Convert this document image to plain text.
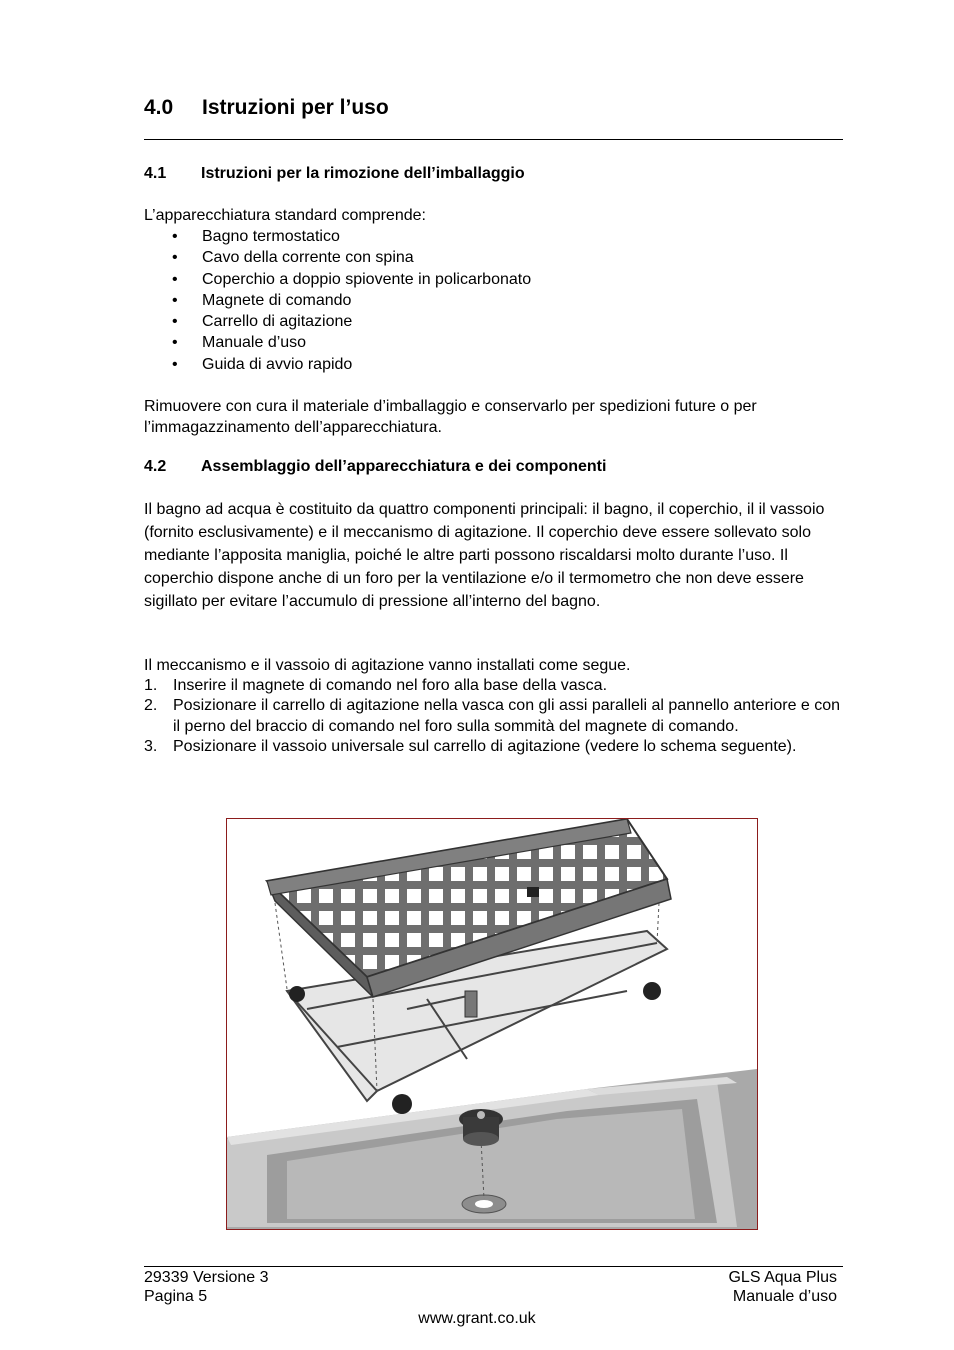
4.0 Istruzioni per l’uso
4.1 Istruzioni per la rimozione dell’imballaggio

L’apparecchiatura standard comprende:

• Bagno termostatico
• Cavo della corrente con spina
• Coperchio a doppio spiovente in policarbonato
• Magnete di comando
• Carrello di agitazione
• Manuale d’uso
• Guida di avvio rapido

Rimuovere con cura il materiale d’imballaggio e conservarlo per spedizioni future o per l’immagazzinamento dell’apparecchiatura.

4.2 Assemblaggio dell’apparecchiatura e dei componenti

Il bagno ad acqua è costituito da quattro componenti principali: il bagno, il coperchio, il il vassoio (fornito esclusivamente) e il meccanismo di agitazione. Il coperchio deve essere sollevato solo mediante l’apposita maniglia, poiché le altre parti possono riscaldarsi molto durante l’uso. Il coperchio dispone anche di un foro per la ventilazione e/o il termometro che non deve essere sigillato per evitare l’accumulo di pressione all’interno del bagno.

Il meccanismo e il vassoio di agitazione vanno installati come segue.

1. Inserire il magnete di comando nel foro alla base della vasca.
2. Posizionare il carrello di agitazione nella vasca con gli assi paralleli al pannello anteriore e con il perno del braccio di comando nel foro sulla sommità del magnete di comando.
3. Posizionare il vassoio universale sul carrello di agitazione (vedere lo schema seguente).
29339 Versione 3
Pagina 5
GLS Aqua Plus
Manuale d’uso
www.grant.co.uk
